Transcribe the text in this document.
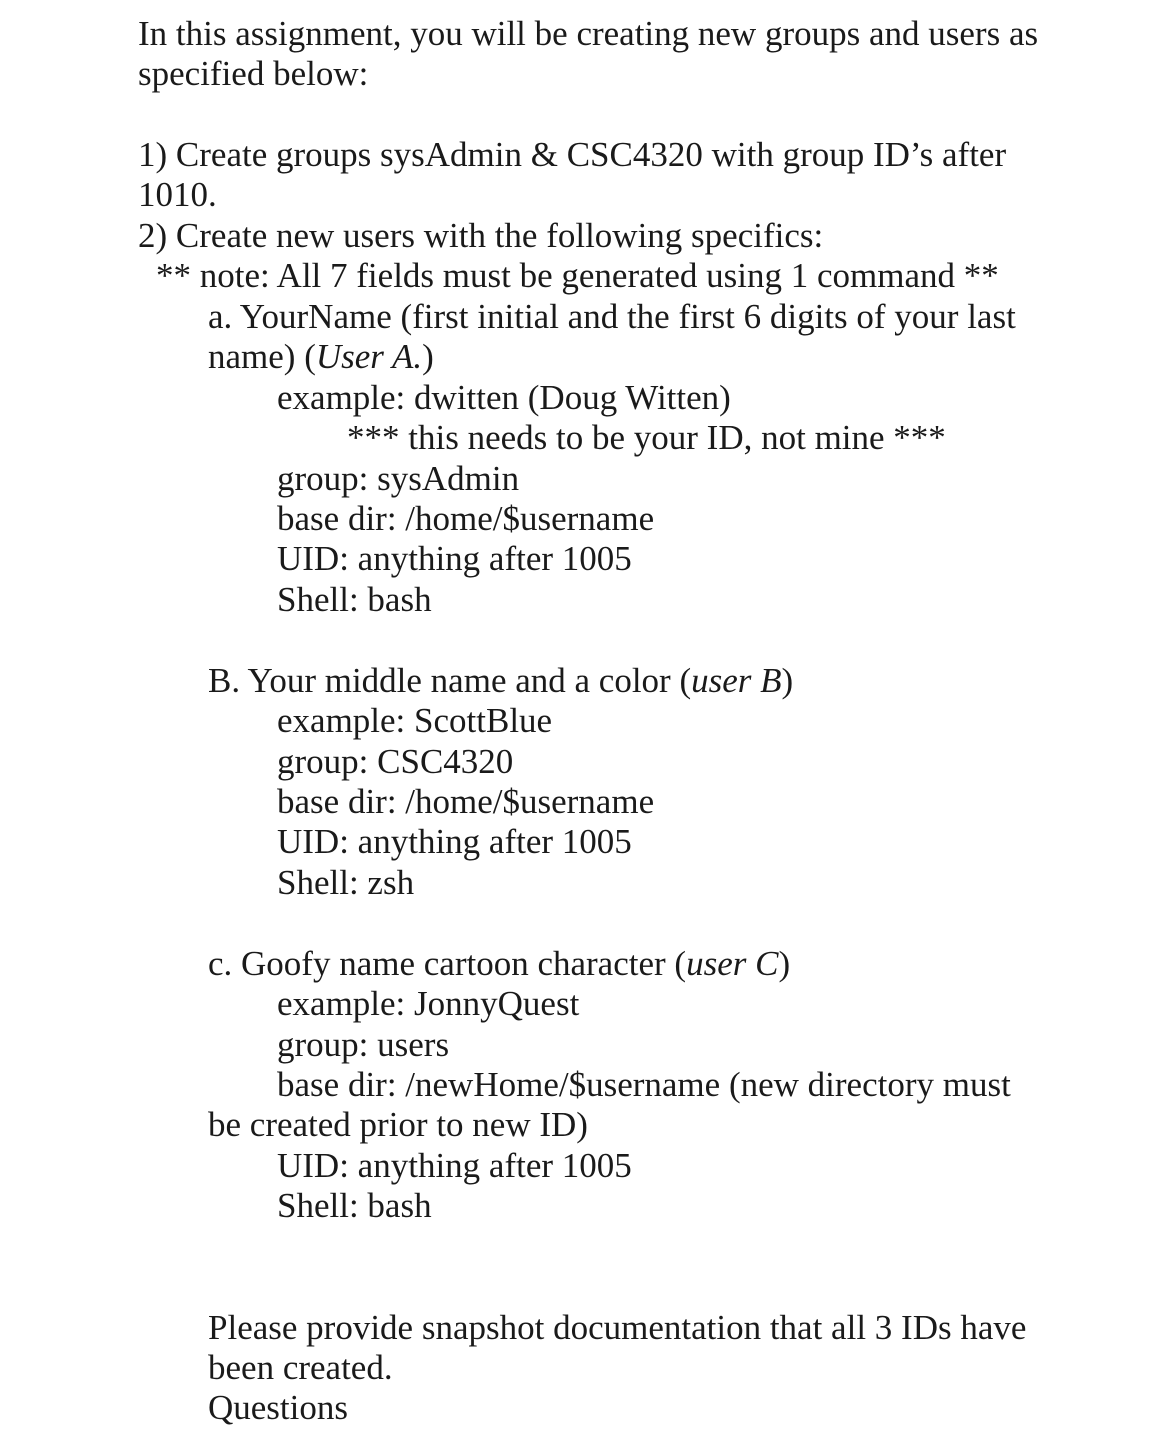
In this assignment, you will be creating new groups and users as

specified below:

1) Create groups sysAdmin & CSC4320 with group ID’s after

1010.

2) Create new users with the following specifics:

** note: All 7 fields must be generated using 1 command **

a. YourName (first initial and the first 6 digits of your last

name) (User A.)

example: dwitten (Doug Witten)

*** this needs to be your ID, not mine ***

group: sysAdmin

base dir: /home/$username

UID: anything after 1005

Shell: bash

B. Your middle name and a color (user B)

example: ScottBlue

group: CSC4320

base dir: /home/$username

UID: anything after 1005

Shell: zsh

c. Goofy name cartoon character (user C)

example: JonnyQuest

group: users

base dir: /newHome/$username (new directory must

be created prior to new ID)

UID: anything after 1005

Shell: bash

Please provide snapshot documentation that all 3 IDs have

been created.

Questions
